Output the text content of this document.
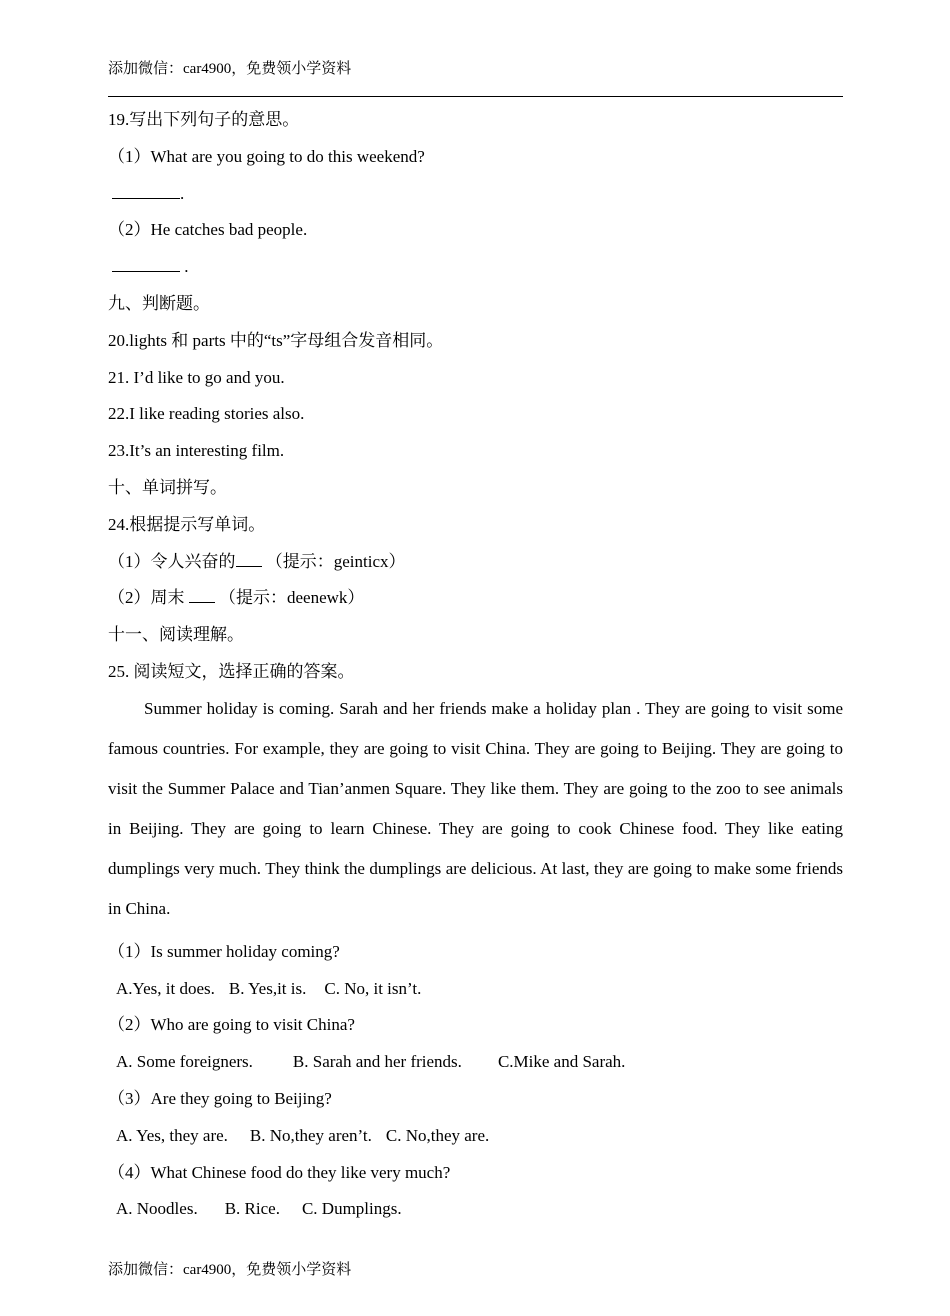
添加微信：car4900，免费领小学资料
19.写出下列句子的意思。
（1）What are you going to do this weekend?
.
（2）He catches bad people.
.
九、判断题。
20.lights 和 parts 中的“ts”字母组合发音相同。
21. I’d like to go and you.
22.I like reading stories also.
23.It’s an interesting film.
十、单词拼写。
24.根据提示写单词。
（1）令人兴奋的 （提示：geinticx）
（2）周末  （提示：deenewk）
十一、阅读理解。
25. 阅读短文，选择正确的答案。

Summer holiday is coming. Sarah and her friends make a holiday plan . They are going to visit some famous countries. For example, they are going to visit China. They are going to Beijing. They are going to visit the Summer Palace and Tian’anmen Square. They like them. They are going to the zoo to see animals in Beijing. They are going to learn Chinese. They are going to cook Chinese food. They like eating dumplings very much. They think the dumplings are delicious. At last, they are going to make some friends in China.

（1）Is summer holiday coming?
A.Yes, it does. B. Yes,it is. C. No, it isn’t.
（2）Who are going to visit China?
A. Some foreigners. B. Sarah and her friends. C.Mike and Sarah.
（3）Are they going to Beijing?
A. Yes, they are. B. No,they aren’t. C. No,they are.
（4）What Chinese food do they like very much?
A. Noodles. B. Rice. C. Dumplings.
添加微信：car4900，免费领小学资料
